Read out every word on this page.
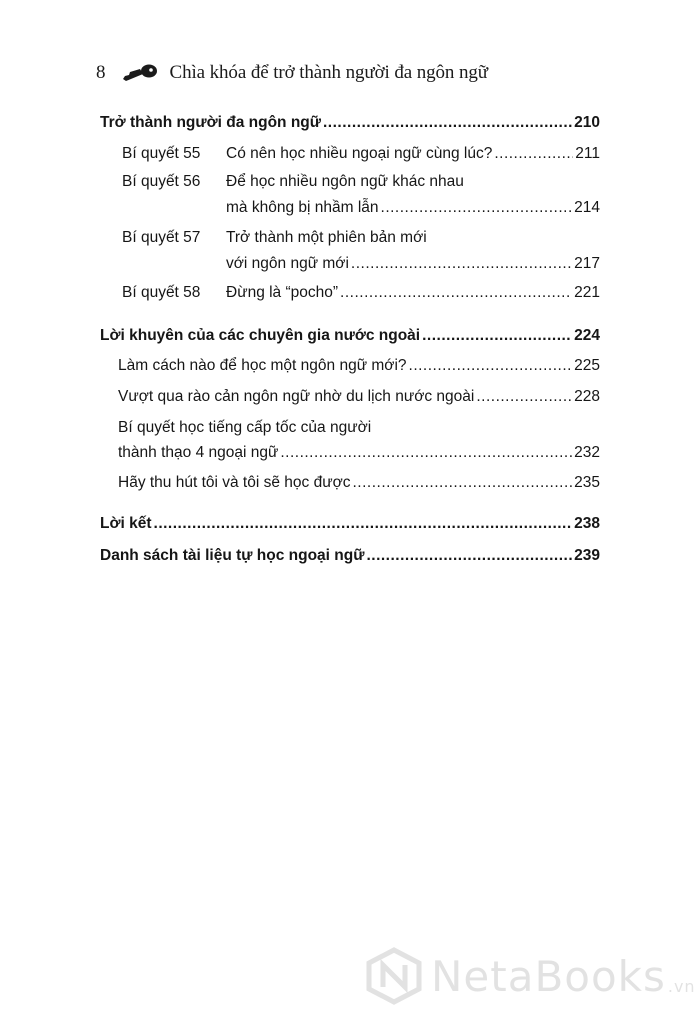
8	Chìa khóa để trở thành người đa ngôn ngữ
Trở thành người đa ngôn ngữ .....	210
Bí quyết 55	Có nên học nhiều ngoại ngữ cùng lúc? .....	211
Bí quyết 56 Để học nhiều ngôn ngữ khác nhau
mà không bị nhầm lẫn .....	214
Bí quyết 57 Trở thành một phiên bản mới
với ngôn ngữ mới .....	217
Bí quyết 58	Đừng là “pocho” .....	221
Lời khuyên của các chuyên gia nước ngoài .....	224
Làm cách nào để học một ngôn ngữ mới? .....	225
Vượt qua rào cản ngôn ngữ nhờ du lịch nước ngoài .....	228
Bí quyết học tiếng cấp tốc của người
thành thạo 4 ngoại ngữ .....	232
Hãy thu hút tôi và tôi sẽ học được .....	235
Lời kết .....	238
Danh sách tài liệu tự học ngoại ngữ .....	239
NetaBooks .vn
